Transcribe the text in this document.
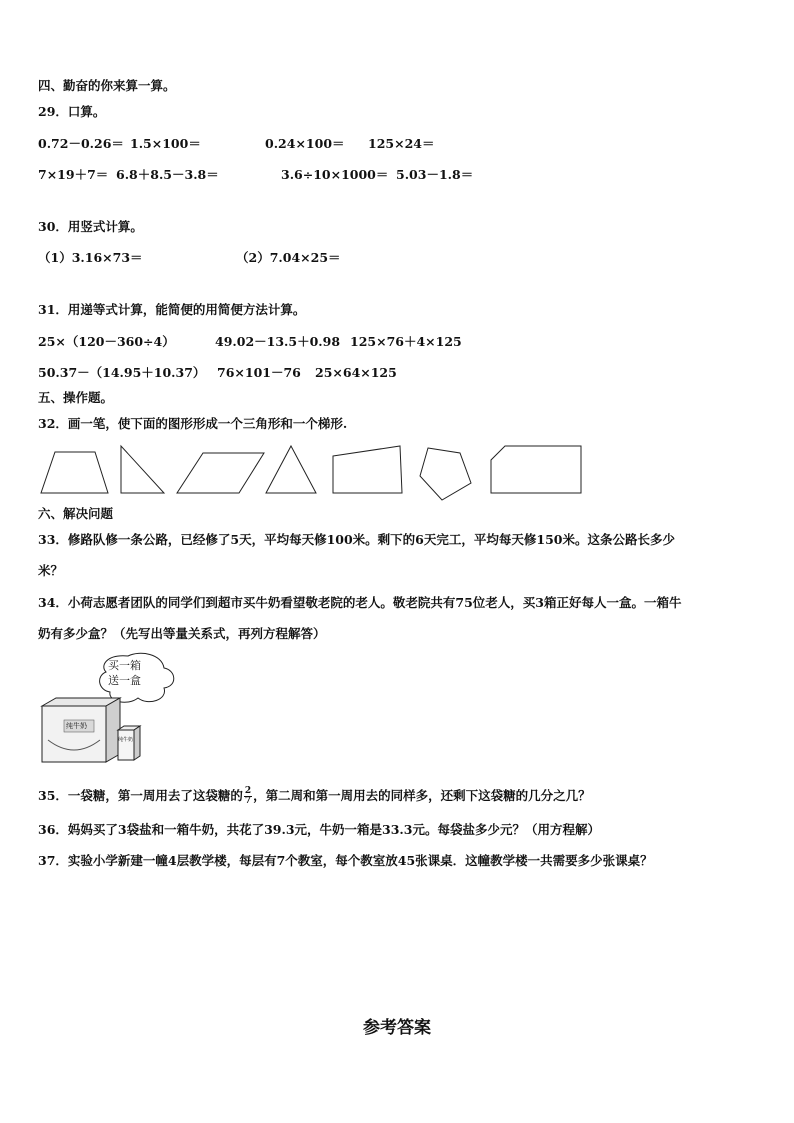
四、勤奋的你来算一算。
29．口算。
0.72－0.26＝ 1.5×100＝	0.24×100＝ 125×24＝
7×19＋7＝ 6.8＋8.5－3.8＝	3.6÷10×1000＝ 5.03－1.8＝
30．用竖式计算。
（1）3.16×73＝	（2）7.04×25＝
31．用递等式计算，能简便的用简便方法计算。
25×（120－360÷4）	49.02－13.5＋0.98 125×76＋4×125
50.37－（14.95＋10.37） 76×101－76 25×64×125
五、操作题。
32．画一笔，使下面的图形形成一个三角形和一个梯形.
六、解决问题
33．修路队修一条公路，已经修了5天，平均每天修100米。剩下的6天完工，平均每天修150米。这条公路长多少
米？
34．小荷志愿者团队的同学们到超市买牛奶看望敬老院的老人。敬老院共有75位老人，买3箱正好每人一盒。一箱牛
奶有多少盒？（先写出等量关系式，再列方程解答）
买一箱
送一盒
纯牛奶
纯牛奶
35．一袋糖，第一周用去了这袋糖的 $\frac{2}{7}$ ，第二周和第一周用去的同样多，还剩下这袋糖的几分之几？
36．妈妈买了3袋盐和一箱牛奶，共花了39.3元，牛奶一箱是33.3元。每袋盐多少元？（用方程解）
37．实验小学新建一幢4层教学楼，每层有7个教室，每个教室放45张课桌．这幢教学楼一共需要多少张课桌？
参考答案
